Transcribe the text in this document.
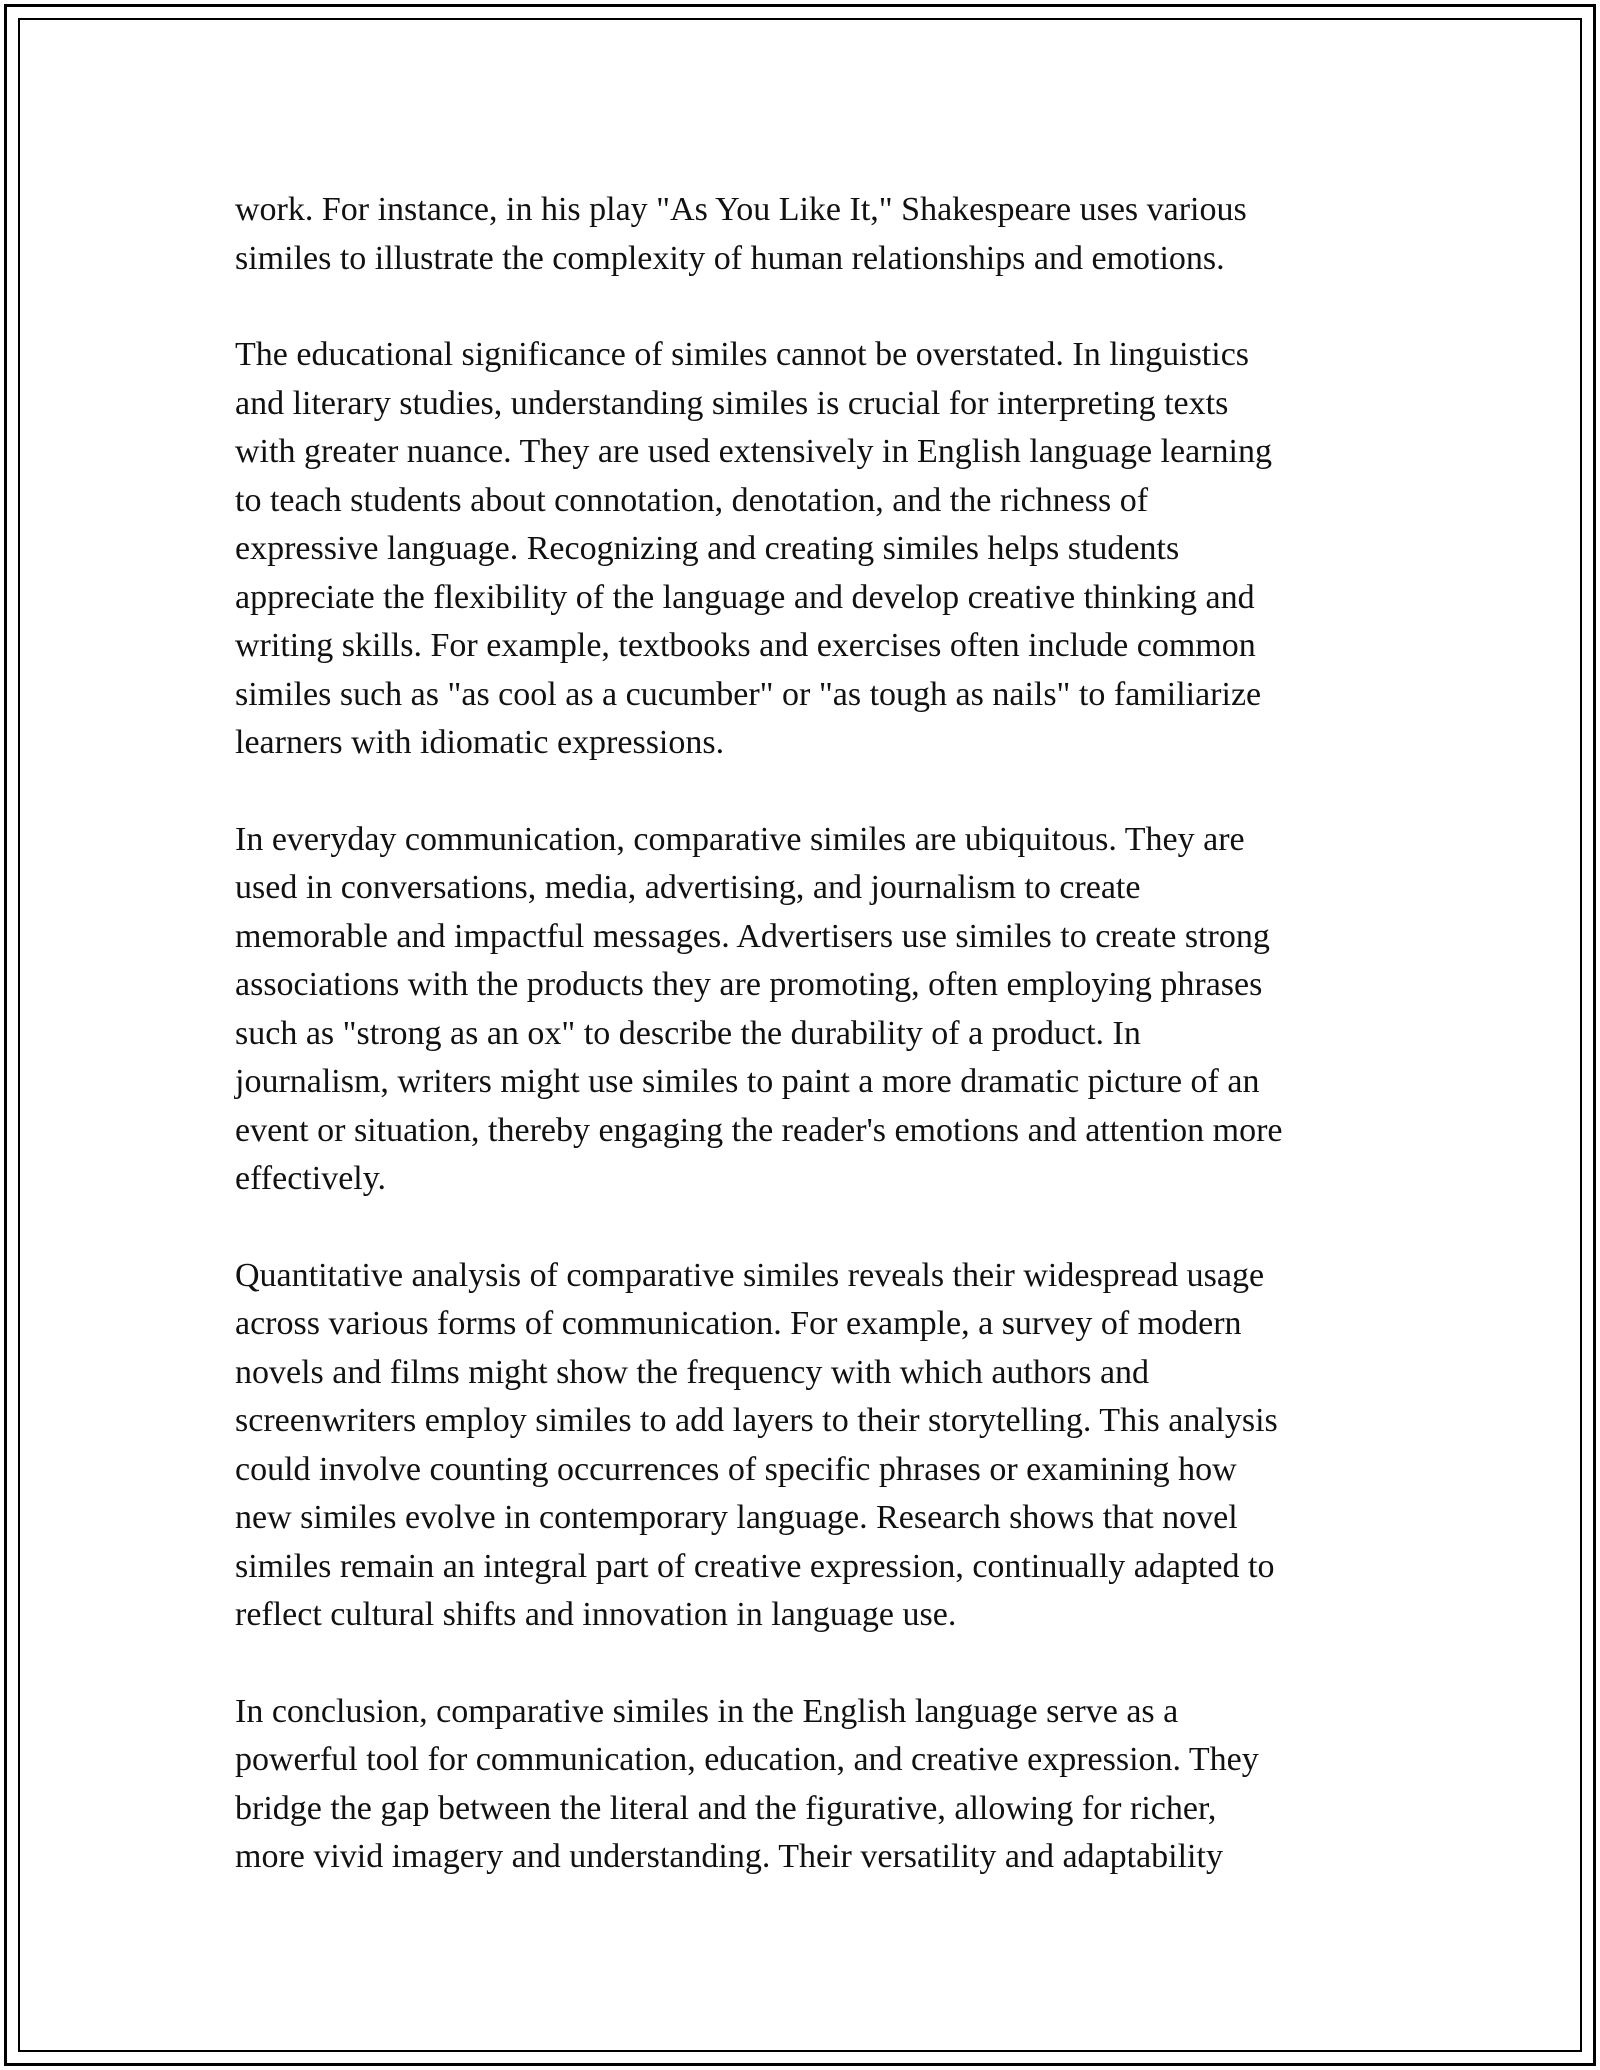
work. For instance, in his play "As You Like It," Shakespeare uses various
similes to illustrate the complexity of human relationships and emotions.

The educational significance of similes cannot be overstated. In linguistics
and literary studies, understanding similes is crucial for interpreting texts
with greater nuance. They are used extensively in English language learning
to teach students about connotation, denotation, and the richness of
expressive language. Recognizing and creating similes helps students
appreciate the flexibility of the language and develop creative thinking and
writing skills. For example, textbooks and exercises often include common
similes such as "as cool as a cucumber" or "as tough as nails" to familiarize
learners with idiomatic expressions.

In everyday communication, comparative similes are ubiquitous. They are
used in conversations, media, advertising, and journalism to create
memorable and impactful messages. Advertisers use similes to create strong
associations with the products they are promoting, often employing phrases
such as "strong as an ox" to describe the durability of a product. In
journalism, writers might use similes to paint a more dramatic picture of an
event or situation, thereby engaging the reader's emotions and attention more
effectively.

Quantitative analysis of comparative similes reveals their widespread usage
across various forms of communication. For example, a survey of modern
novels and films might show the frequency with which authors and
screenwriters employ similes to add layers to their storytelling. This analysis
could involve counting occurrences of specific phrases or examining how
new similes evolve in contemporary language. Research shows that novel
similes remain an integral part of creative expression, continually adapted to
reflect cultural shifts and innovation in language use.

In conclusion, comparative similes in the English language serve as a
powerful tool for communication, education, and creative expression. They
bridge the gap between the literal and the figurative, allowing for richer,
more vivid imagery and understanding. Their versatility and adaptability
